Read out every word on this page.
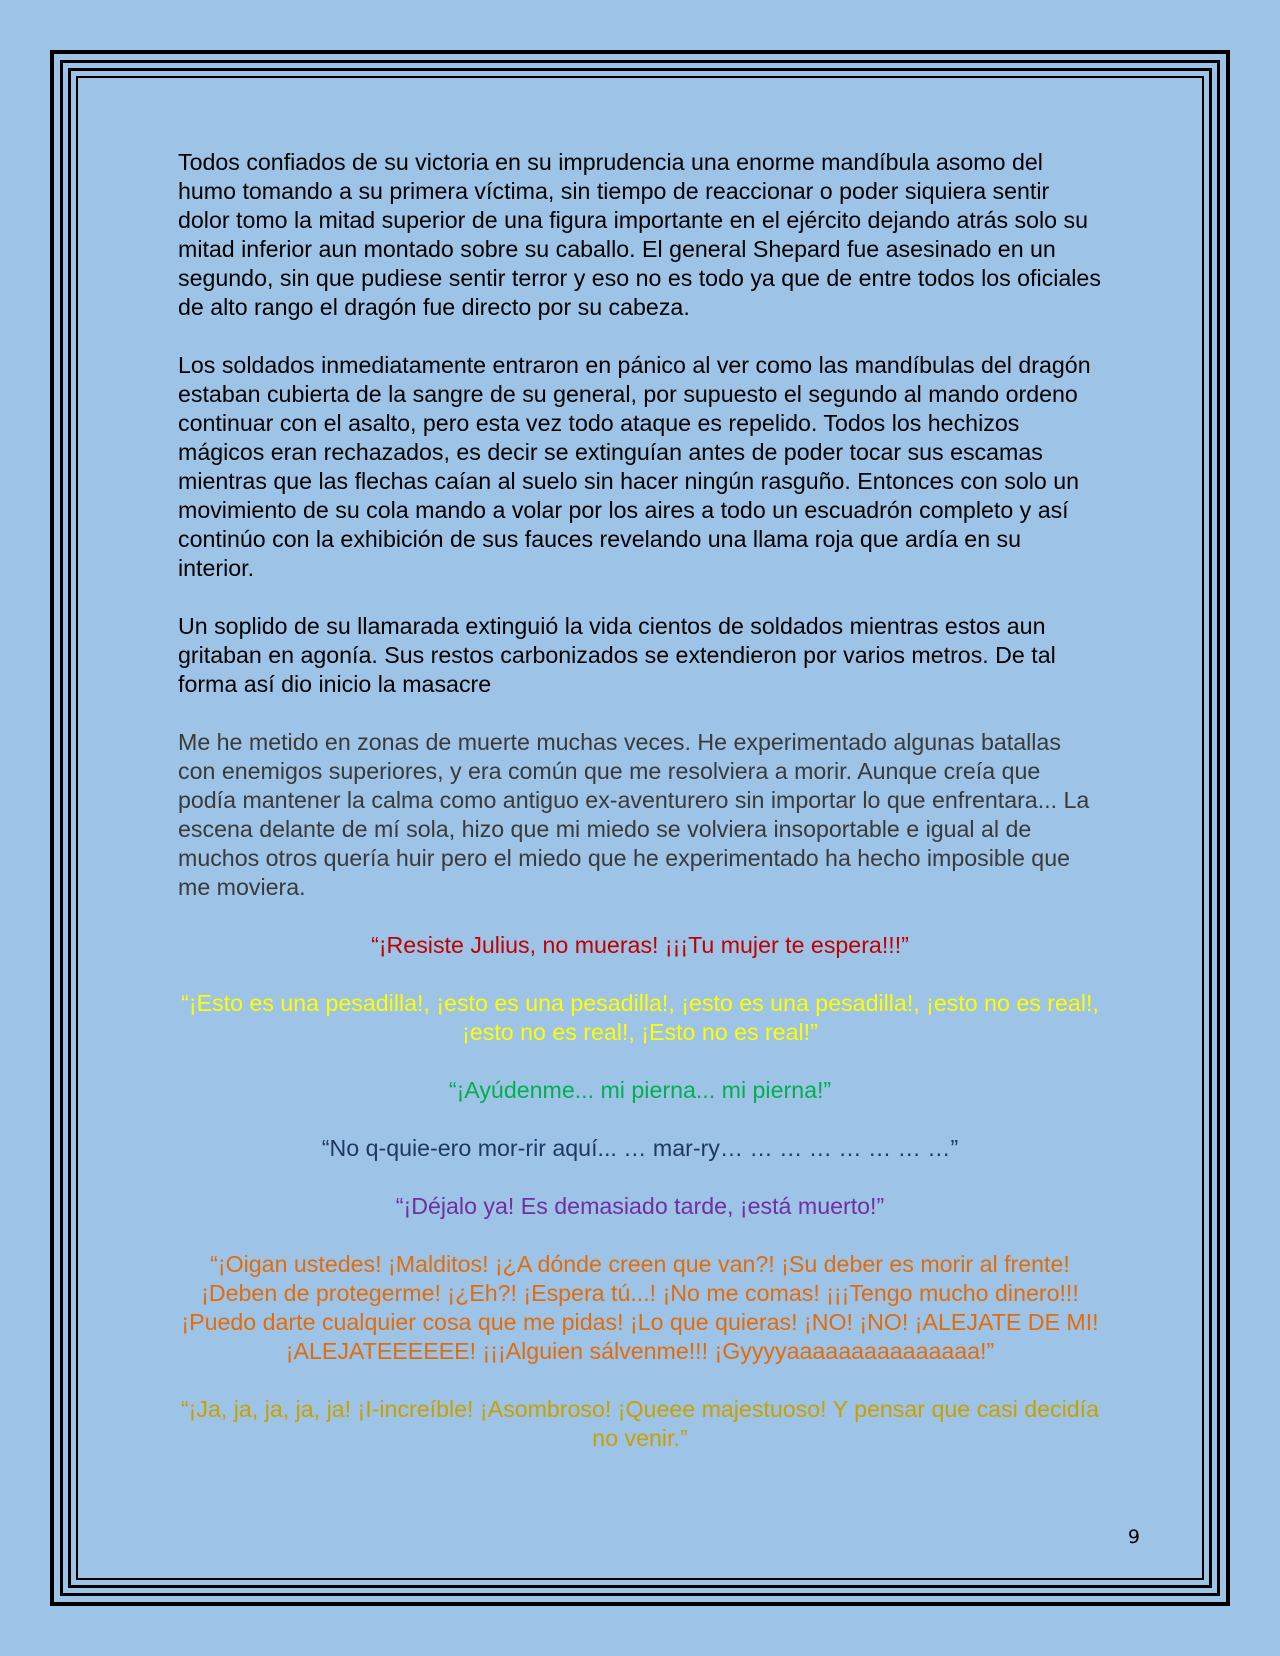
Todos confiados de su victoria en su imprudencia una enorme mandíbula asomo del humo tomando a su primera víctima, sin tiempo de reaccionar o poder siquiera sentir dolor tomo la mitad superior de una figura importante en el ejército dejando atrás solo su mitad inferior aun montado sobre su caballo. El general Shepard fue asesinado en un segundo, sin que pudiese sentir terror y eso no es todo ya que de entre todos los oficiales de alto rango el dragón fue directo por su cabeza.

Los soldados inmediatamente entraron en pánico al ver como las mandíbulas del dragón estaban cubierta de la sangre de su general, por supuesto el segundo al mando ordeno continuar con el asalto, pero esta vez todo ataque es repelido. Todos los hechizos mágicos eran rechazados, es decir se extinguían antes de poder tocar sus escamas mientras que las flechas caían al suelo sin hacer ningún rasguño. Entonces con solo un movimiento de su cola mando a volar por los aires a todo un escuadrón completo y así continúo con la exhibición de sus fauces revelando una llama roja que ardía en su interior.

Un soplido de su llamarada extinguió la vida cientos de soldados mientras estos aun gritaban en agonía. Sus restos carbonizados se extendieron por varios metros. De tal forma así dio inicio la masacre

Me he metido en zonas de muerte muchas veces. He experimentado algunas batallas con enemigos superiores, y era común que me resolviera a morir. Aunque creía que podía mantener la calma como antiguo ex-aventurero sin importar lo que enfrentara... La escena delante de mí sola, hizo que mi miedo se volviera insoportable e igual al de muchos otros quería huir pero el miedo que he experimentado ha hecho imposible que me moviera.

“¡Resiste Julius, no mueras! ¡¡¡Tu mujer te espera!!!”

“¡Esto es una pesadilla!, ¡esto es una pesadilla!, ¡esto es una pesadilla!, ¡esto no es real!, ¡esto no es real!, ¡Esto no es real!”

“¡Ayúdenme... mi pierna... mi pierna!”

“No q-quie-ero mor-rir aquí... … mar-ry… … … … … … … …”

“¡Déjalo ya! Es demasiado tarde, ¡está muerto!”

“¡Oigan ustedes! ¡Malditos! ¡¿A dónde creen que van?! ¡Su deber es morir al frente! ¡Deben de protegerme! ¡¿Eh?! ¡Espera tú...! ¡No me comas! ¡¡¡Tengo mucho dinero!!! ¡Puedo darte cualquier cosa que me pidas! ¡Lo que quieras! ¡NO! ¡NO! ¡ALEJATE DE MI! ¡ALEJATEEEEEE! ¡¡¡Alguien sálvenme!!! ¡Gyyyyaaaaaaaaaaaaaaa!”

“¡Ja, ja, ja, ja, ja! ¡I-increíble! ¡Asombroso! ¡Queee majestuoso! Y pensar que casi decidía no venir.”

9
